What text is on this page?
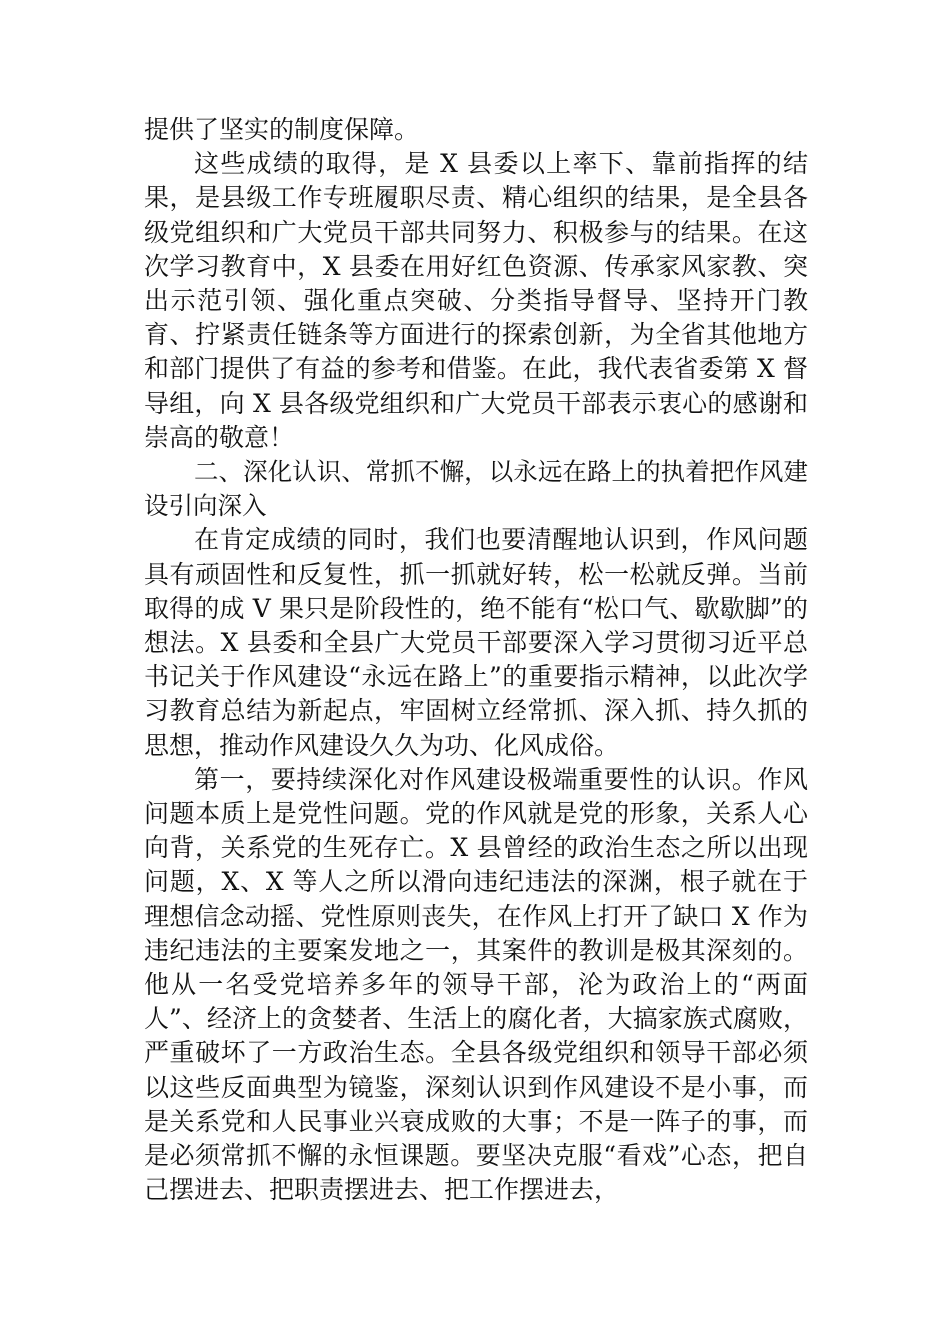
提供了坚实的制度保障。

这些成绩的取得，是 X 县委以上率下、靠前指挥的结果，是县级工作专班履职尽责、精心组织的结果，是全县各级党组织和广大党员干部共同努力、积极参与的结果。在这次学习教育中，X 县委在用好红色资源、传承家风家教、突出示范引领、强化重点突破、分类指导督导、坚持开门教育、拧紧责任链条等方面进行的探索创新，为全省其他地方和部门提供了有益的参考和借鉴。在此，我代表省委第 X 督导组，向 X 县各级党组织和广大党员干部表示衷心的感谢和崇高的敬意！

二、深化认识、常抓不懈，以永远在路上的执着把作风建设引向深入

在肯定成绩的同时，我们也要清醒地认识到，作风问题具有顽固性和反复性，抓一抓就好转，松一松就反弹。当前取得的成 V 果只是阶段性的，绝不能有“松口气、歇歇脚”的想法。X 县委和全县广大党员干部要深入学习贯彻习近平总书记关于作风建设“永远在路上”的重要指示精神，以此次学习教育总结为新起点，牢固树立经常抓、深入抓、持久抓的思想，推动作风建设久久为功、化风成俗。

第一，要持续深化对作风建设极端重要性的认识。作风问题本质上是党性问题。党的作风就是党的形象，关系人心向背，关系党的生死存亡。X 县曾经的政治生态之所以出现问题，X、X 等人之所以滑向违纪违法的深渊，根子就在于理想信念动摇、党性原则丧失，在作风上打开了缺口 X 作为违纪违法的主要案发地之一，其案件的教训是极其深刻的。他从一名受党培养多年的领导干部，沦为政治上的“两面人”、经济上的贪婪者、生活上的腐化者，大搞家族式腐败，严重破坏了一方政治生态。全县各级党组织和领导干部必须以这些反面典型为镜鉴，深刻认识到作风建设不是小事，而是关系党和人民事业兴衰成败的大事；不是一阵子的事，而是必须常抓不懈的永恒课题。要坚决克服“看戏”心态，把自己摆进去、把职责摆进去、把工作摆进去，
